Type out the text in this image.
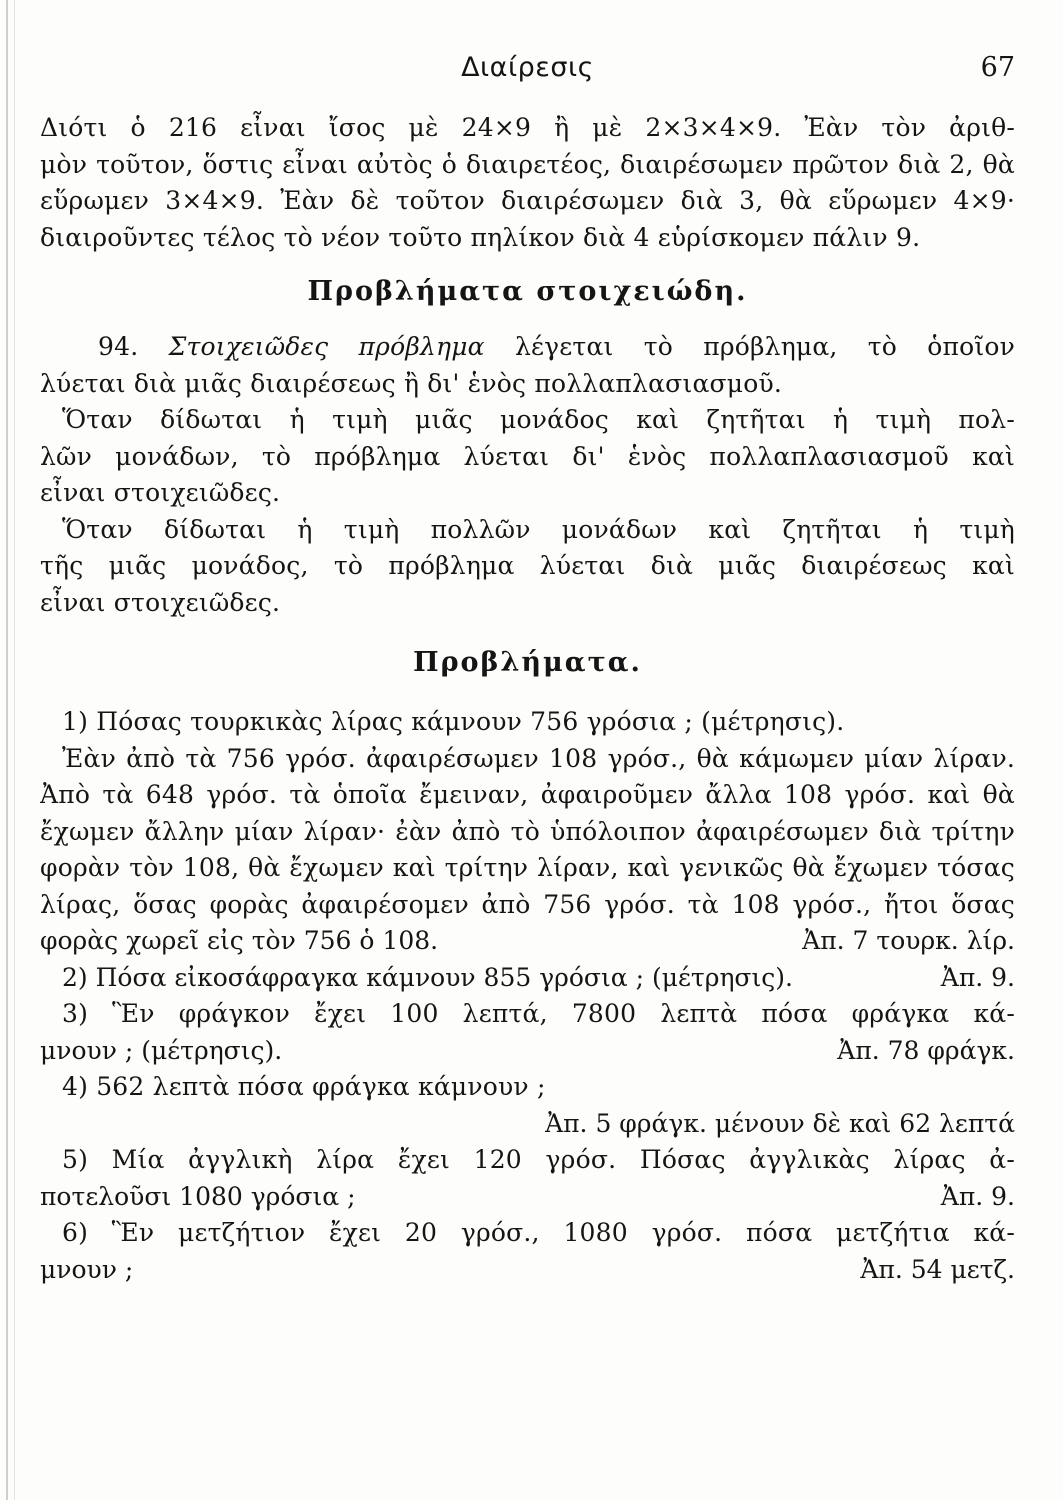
Διαίρεσις	67
Διότι ὁ 216 εἶναι ἴσος μὲ 24×9 ἢ μὲ 2×3×4×9. Ἐὰν τὸν ἀριθ-
μὸν τοῦτον, ὅστις εἶναι αὐτὸς ὁ διαιρετέος, διαιρέσωμεν πρῶτον διὰ 2, θὰ
εὕρωμεν 3×4×9. Ἐὰν δὲ τοῦτον διαιρέσωμεν διὰ 3, θὰ εὕρωμεν 4×9·
διαιροῦντες τέλος τὸ νέον τοῦτο πηλίκον διὰ 4 εὑρίσκομεν πάλιν 9.
Προβλήματα στοιχειώδη.
94. Στοιχειῶδες πρόβλημα λέγεται τὸ πρόβλημα, τὸ ὁποῖον
λύεται διὰ μιᾶς διαιρέσεως ἢ δι' ἑνὸς πολλαπλασιασμοῦ.
Ὅταν δίδωται ἡ τιμὴ μιᾶς μονάδος καὶ ζητῆται ἡ τιμὴ πολ-
λῶν μονάδων, τὸ πρόβλημα λύεται δι' ἑνὸς πολλαπλασιασμοῦ καὶ
εἶναι στοιχειῶδες.
Ὅταν δίδωται ἡ τιμὴ πολλῶν μονάδων καὶ ζητῆται ἡ τιμὴ
τῆς μιᾶς μονάδος, τὸ πρόβλημα λύεται διὰ μιᾶς διαιρέσεως καὶ
εἶναι στοιχειῶδες.
Προβλήματα.
1) Πόσας τουρκικὰς λίρας κάμνουν 756 γρόσια ; (μέτρησις).
Ἐὰν ἀπὸ τὰ 756 γρόσ. ἀφαιρέσωμεν 108 γρόσ., θὰ κάμωμεν μίαν λίραν.
Ἀπὸ τὰ 648 γρόσ. τὰ ὁποῖα ἔμειναν, ἀφαιροῦμεν ἄλλα 108 γρόσ. καὶ θὰ
ἔχωμεν ἄλλην μίαν λίραν· ἐὰν ἀπὸ τὸ ὑπόλοιπον ἀφαιρέσωμεν διὰ τρίτην
φορὰν τὸν 108, θὰ ἔχωμεν καὶ τρίτην λίραν, καὶ γενικῶς θὰ ἔχωμεν τόσας
λίρας, ὅσας φορὰς ἀφαιρέσομεν ἀπὸ 756 γρόσ. τὰ 108 γρόσ., ἤτοι ὅσας
φορὰς χωρεῖ εἰς τὸν 756 ὁ 108.	Ἀπ. 7 τουρκ. λίρ.
2) Πόσα εἰκοσάφραγκα κάμνουν 855 γρόσια ; (μέτρησις).	Ἀπ. 9.
3) Ἓν φράγκον ἔχει 100 λεπτά, 7800 λεπτὰ πόσα φράγκα κά-
μνουν ; (μέτρησις).	Ἀπ. 78 φράγκ.
4) 562 λεπτὰ πόσα φράγκα κάμνουν ;
Ἀπ. 5 φράγκ. μένουν δὲ καὶ 62 λεπτά
5) Μία ἀγγλικὴ λίρα ἔχει 120 γρόσ. Πόσας ἀγγλικὰς λίρας ἀ-
ποτελοῦσι 1080 γρόσια ;	Ἀπ. 9.
6) Ἓν μετζήτιον ἔχει 20 γρόσ., 1080 γρόσ. πόσα μετζήτια κά-
μνουν ;	Ἀπ. 54 μετζ.
